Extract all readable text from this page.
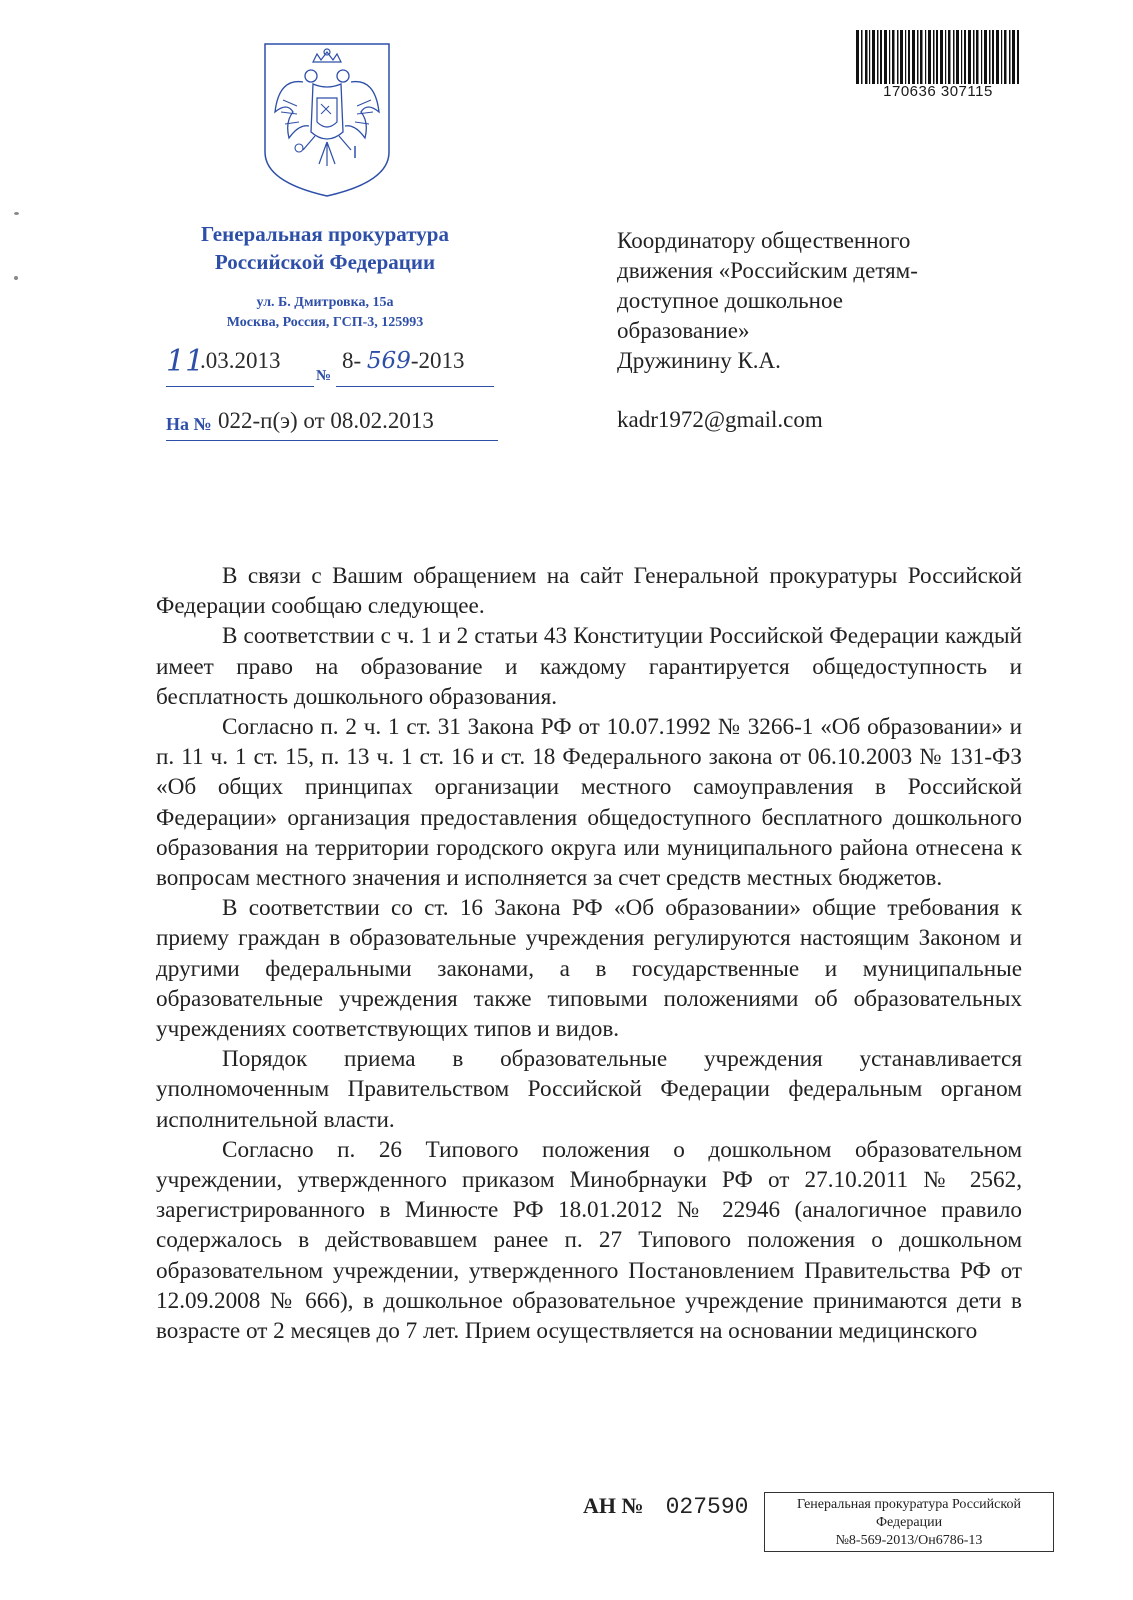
170636 307115
Генеральная прокуратура
Российской Федерации
ул. Б. Дмитровка, 15а
Москва, Россия, ГСП-3, 125993
11
.03.2013
№
8- 569-2013
На № 022-п(э) от 08.02.2013
Координатору общественного
движения «Российским детям-
доступное дошкольное
образование»
Дружинину К.А.
kadr1972@gmail.com

В связи с Вашим обращением на сайт Генеральной прокуратуры Российской Федерации сообщаю следующее.

В соответствии с ч. 1 и 2 статьи 43 Конституции Российской Федерации каждый имеет право на образование и каждому гарантируется общедоступность и бесплатность дошкольного образования.

Согласно п. 2 ч. 1 ст. 31 Закона РФ от 10.07.1992 № 3266-1 «Об образовании» и п. 11 ч. 1 ст. 15, п. 13 ч. 1 ст. 16 и ст. 18 Федерального закона от 06.10.2003 № 131-ФЗ «Об общих принципах организации местного самоуправления в Российской Федерации» организация предоставления общедоступного бесплатного дошкольного образования на территории городского округа или муниципального района отнесена к вопросам местного значения и исполняется за счет средств местных бюджетов.

В соответствии со ст. 16 Закона РФ «Об образовании» общие требования к приему граждан в образовательные учреждения регулируются настоящим Законом и другими федеральными законами, а в государственные и муниципальные образовательные учреждения также типовыми положениями об образовательных учреждениях соответствующих типов и видов.

Порядок приема в образовательные учреждения устанавливается уполномоченным Правительством Российской Федерации федеральным органом исполнительной власти.

Согласно п. 26 Типового положения о дошкольном образовательном учреждении, утвержденного приказом Минобрнауки РФ от 27.10.2011 № 2562, зарегистрированного в Минюсте РФ 18.01.2012 № 22946 (аналогичное правило содержалось в действовавшем ранее п. 27 Типового положения о дошкольном образовательном учреждении, утвержденного Постановлением Правительства РФ от 12.09.2008 № 666), в дошкольное образовательное учреждение принимаются дети в возрасте от 2 месяцев до 7 лет. Прием осуществляется на основании медицинского

АН № 027590	Генеральная прокуратура Российской
Федерации
№8-569-2013/Он6786-13
